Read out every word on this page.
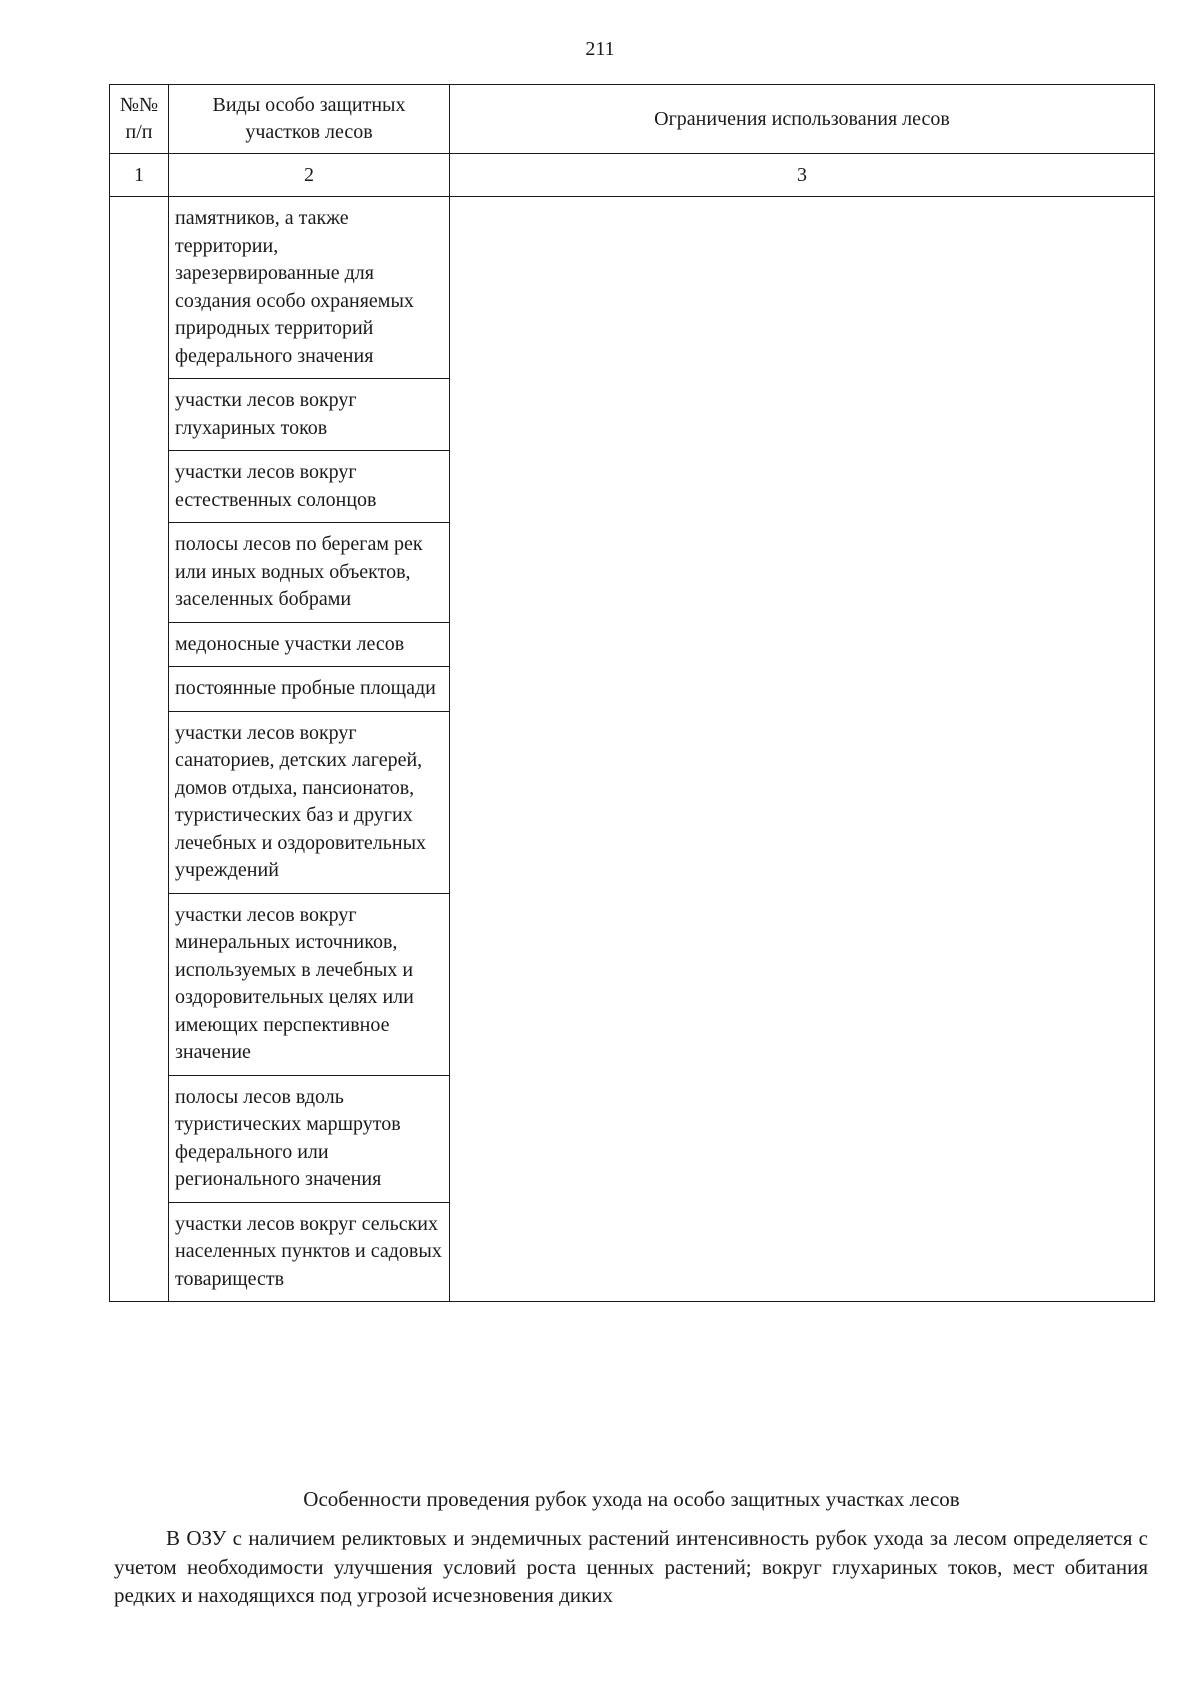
211
№№ п/п	Виды особо защитных участков лесов	Ограничения использования лесов
1	2	3
	памятников, а также территории, зарезервированные для создания особо охраняемых природных территорий федерального значения	
	участки лесов вокруг глухариных токов	
	участки лесов вокруг естественных солонцов	
	полосы лесов по берегам рек или иных водных объектов, заселенных бобрами	
	медоносные участки лесов	
	постоянные пробные площади	
	участки лесов вокруг санаториев, детских лагерей, домов отдыха, пансионатов, туристических баз и других лечебных и оздоровительных учреждений	
	участки лесов вокруг минеральных источников, используемых в лечебных и оздоровительных целях или имеющих перспективное значение	
	полосы лесов вдоль туристических маршрутов федерального или регионального значения	
	участки лесов вокруг сельских населенных пунктов и садовых товариществ	
Особенности проведения рубок ухода на особо защитных участках лесов

В ОЗУ с наличием реликтовых и эндемичных растений интенсивность рубок ухода за лесом определяется с учетом необходимости улучшения условий роста ценных растений; вокруг глухариных токов, мест обитания редких и находящихся под угрозой исчезновения диких
